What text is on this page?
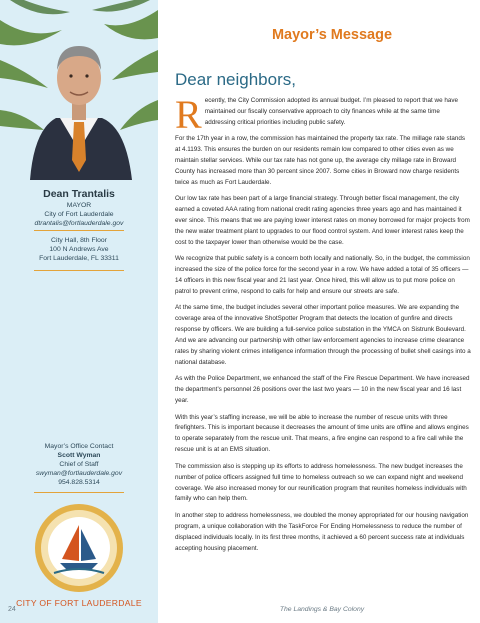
Dean Trantalis
MAYOR
City of Fort Lauderdale
dtrantalis@fortlauderdale.gov
City Hall, 8th Floor
100 N Andrews Ave
Fort Lauderdale, FL 33311
Mayor’s Office Contact
Scott Wyman
Chief of Staff
swyman@fortlauderdale.gov
954.828.5314
CITY OF FORT LAUDERDALE
24
Mayor’s Message
Dear neighbors,

Recently, the City Commission adopted its annual budget. I’m pleased to report that we have maintained our fiscally conservative approach to city finances while at the same time addressing critical priorities including public safety.

For the 17th year in a row, the commission has maintained the property tax rate. The millage rate stands at 4.1193. This ensures the burden on our residents remain low compared to other cities even as we maintain stellar services. While our tax rate has not gone up, the average city millage rate in Broward County has increased more than 30 percent since 2007. Some cities in Broward now charge residents twice as much as Fort Lauderdale.

Our low tax rate has been part of a large financial strategy. Through better fiscal management, the city earned a coveted AAA rating from national credit rating agencies three years ago and has maintained it ever since. This means that we are paying lower interest rates on money borrowed for major projects from the new water treatment plant to upgrades to our flood control system. And lower interest rates keep the cost to the taxpayer lower than otherwise would be the case.

We recognize that public safety is a concern both locally and nationally. So, in the budget, the commission increased the size of the police force for the second year in a row. We have added a total of 35 officers — 14 officers in this new fiscal year and 21 last year. Once hired, this will allow us to put more police on patrol to prevent crime, respond to calls for help and ensure our streets are safe.

At the same time, the budget includes several other important police measures. We are expanding the coverage area of the innovative ShotSpotter Program that detects the location of gunfire and directs response by officers. We are building a full-service police substation in the YMCA on Sistrunk Boulevard. And we are advancing our partnership with other law enforcement agencies to increase crime clearance rates by sharing violent crimes intelligence information through the processing of bullet shell casings into a national database.

As with the Police Department, we enhanced the staff of the Fire Rescue Department. We have increased the department’s personnel 26 positions over the last two years — 10 in the new fiscal year and 16 last year.

With this year’s staffing increase, we will be able to increase the number of rescue units with three firefighters. This is important because it decreases the amount of time units are offline and allows engines to operate separately from the rescue unit. That means, a fire engine can respond to a fire call while the rescue unit is at an EMS situation.

The commission also is stepping up its efforts to address homelessness. The new budget increases the number of police officers assigned full time to homeless outreach so we can expand night and weekend coverage. We also increased money for our reunification program that reunites homeless individuals with family who can help them.

In another step to address homelessness, we doubled the money appropriated for our housing navigation program, a unique collaboration with the TaskForce For Ending Homelessness to reduce the number of displaced individuals locally. In its first three months, it achieved a 60 percent success rate at individuals accepting housing placement.

The Landings & Bay Colony
